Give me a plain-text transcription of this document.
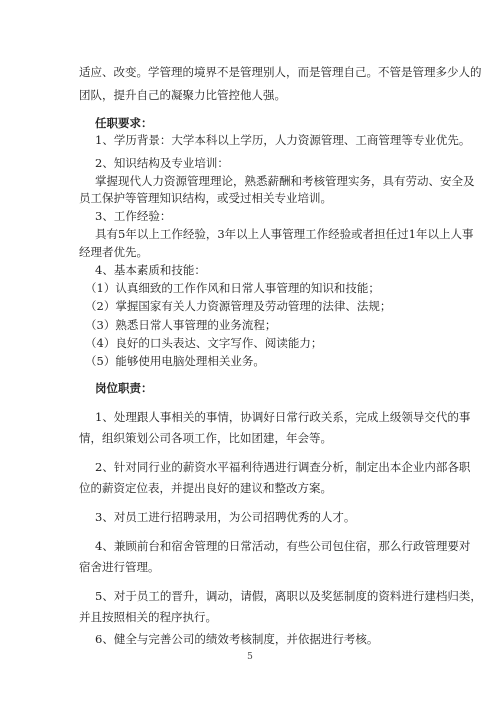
适应、改变。学管理的境界不是管理别人，而是管理自己。不管是管理多少人的
团队，提升自己的凝聚力比管控他人强。
任职要求：
1、学历背景：大学本科以上学历，人力资源管理、工商管理等专业优先。
2、知识结构及专业培训：
掌握现代人力资源管理理论，熟悉薪酬和考核管理实务，具有劳动、安全及
员工保护等管理知识结构，或受过相关专业培训。
3、工作经验：
具有5年以上工作经验，3年以上人事管理工作经验或者担任过1年以上人事
经理者优先。
4、基本素质和技能：
（1）认真细致的工作作风和日常人事管理的知识和技能；
（2）掌握国家有关人力资源管理及劳动管理的法律、法规；
（3）熟悉日常人事管理的业务流程；
（4）良好的口头表达、文字写作、阅读能力；
（5）能够使用电脑处理相关业务。
岗位职责：
1、处理跟人事相关的事情，协调好日常行政关系，完成上级领导交代的事
情，组织策划公司各项工作，比如团建，年会等。
2、针对同行业的薪资水平福利待遇进行调查分析，制定出本企业内部各职
位的薪资定位表，并提出良好的建议和整改方案。
3、对员工进行招聘录用，为公司招聘优秀的人才。
4、兼顾前台和宿舍管理的日常活动，有些公司包住宿，那么行政管理要对
宿舍进行管理。
5、对于员工的晋升，调动，请假，离职以及奖惩制度的资料进行建档归类，
并且按照相关的程序执行。
6、健全与完善公司的绩效考核制度，并依据进行考核。
5
